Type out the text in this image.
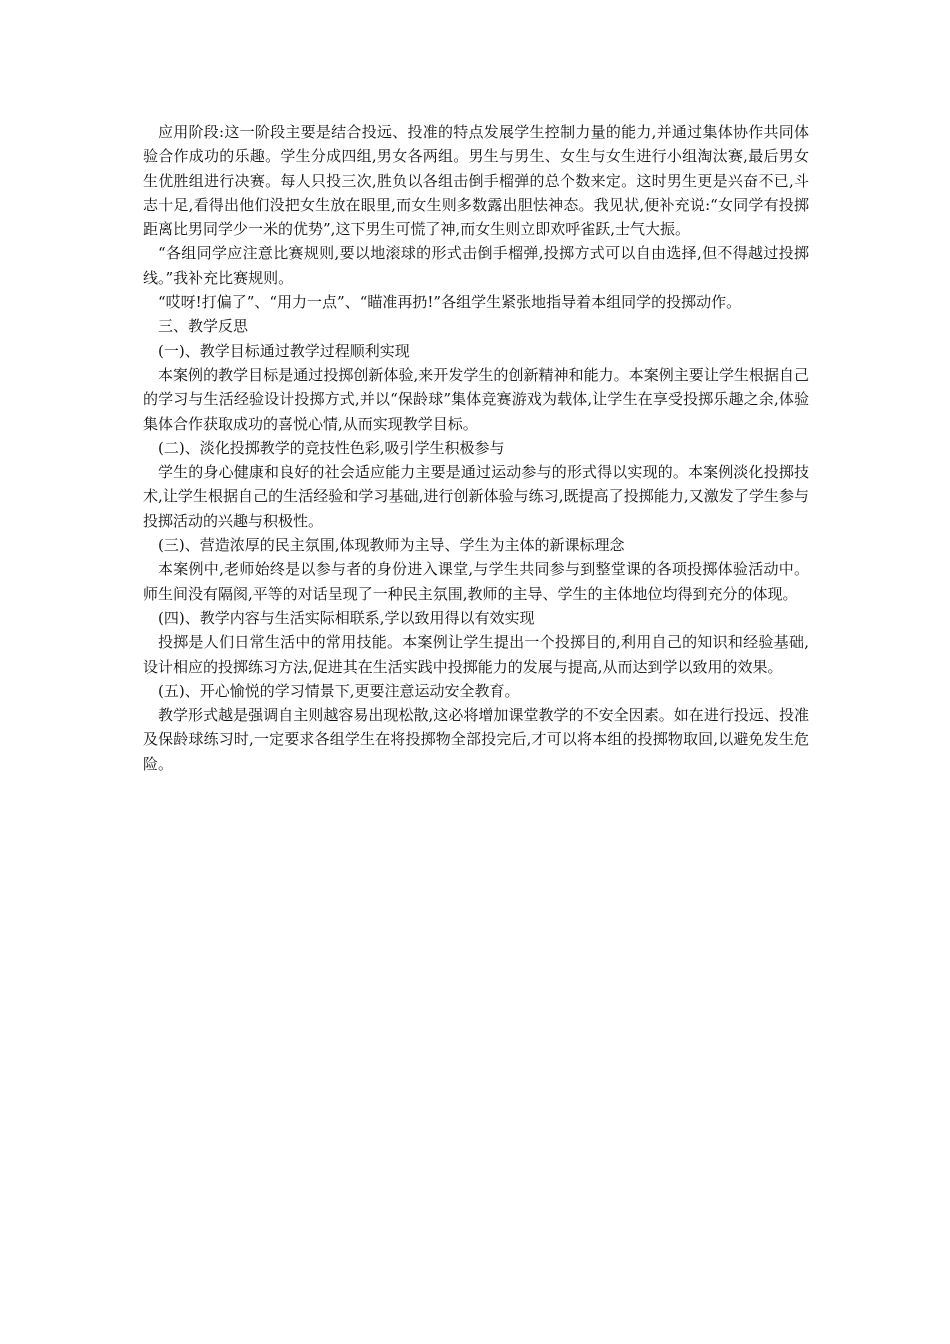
应用阶段:这一阶段主要是结合投远、投准的特点发展学生控制力量的能力,并通过集体协作共同体验合作成功的乐趣。学生分成四组,男女各两组。男生与男生、女生与女生进行小组淘汰赛,最后男女生优胜组进行决赛。每人只投三次,胜负以各组击倒手榴弹的总个数来定。这时男生更是兴奋不已,斗志十足,看得出他们没把女生放在眼里,而女生则多数露出胆怯神态。我见状,便补充说:“女同学有投掷距离比男同学少一米的优势”,这下男生可慌了神,而女生则立即欢呼雀跃,士气大振。

“各组同学应注意比赛规则,要以地滚球的形式击倒手榴弹,投掷方式可以自由选择,但不得越过投掷线。”我补充比赛规则。

“哎呀!打偏了”、“用力一点”、“瞄准再扔!”各组学生紧张地指导着本组同学的投掷动作。

三、教学反思

(一)、教学目标通过教学过程顺利实现

本案例的教学目标是通过投掷创新体验,来开发学生的创新精神和能力。本案例主要让学生根据自己的学习与生活经验设计投掷方式,并以“保龄球”集体竞赛游戏为载体,让学生在享受投掷乐趣之余,体验集体合作获取成功的喜悦心情,从而实现教学目标。

(二)、淡化投掷教学的竞技性色彩,吸引学生积极参与

学生的身心健康和良好的社会适应能力主要是通过运动参与的形式得以实现的。本案例淡化投掷技术,让学生根据自己的生活经验和学习基础,进行创新体验与练习,既提高了投掷能力,又激发了学生参与投掷活动的兴趣与积极性。

(三)、营造浓厚的民主氛围,体现教师为主导、学生为主体的新课标理念

本案例中,老师始终是以参与者的身份进入课堂,与学生共同参与到整堂课的各项投掷体验活动中。师生间没有隔阂,平等的对话呈现了一种民主氛围,教师的主导、学生的主体地位均得到充分的体现。

(四)、教学内容与生活实际相联系,学以致用得以有效实现

投掷是人们日常生活中的常用技能。本案例让学生提出一个投掷目的,利用自己的知识和经验基础,设计相应的投掷练习方法,促进其在生活实践中投掷能力的发展与提高,从而达到学以致用的效果。

(五)、开心愉悦的学习情景下,更要注意运动安全教育。

教学形式越是强调自主则越容易出现松散,这必将增加课堂教学的不安全因素。如在进行投远、投准及保龄球练习时,一定要求各组学生在将投掷物全部投完后,才可以将本组的投掷物取回,以避免发生危险。
